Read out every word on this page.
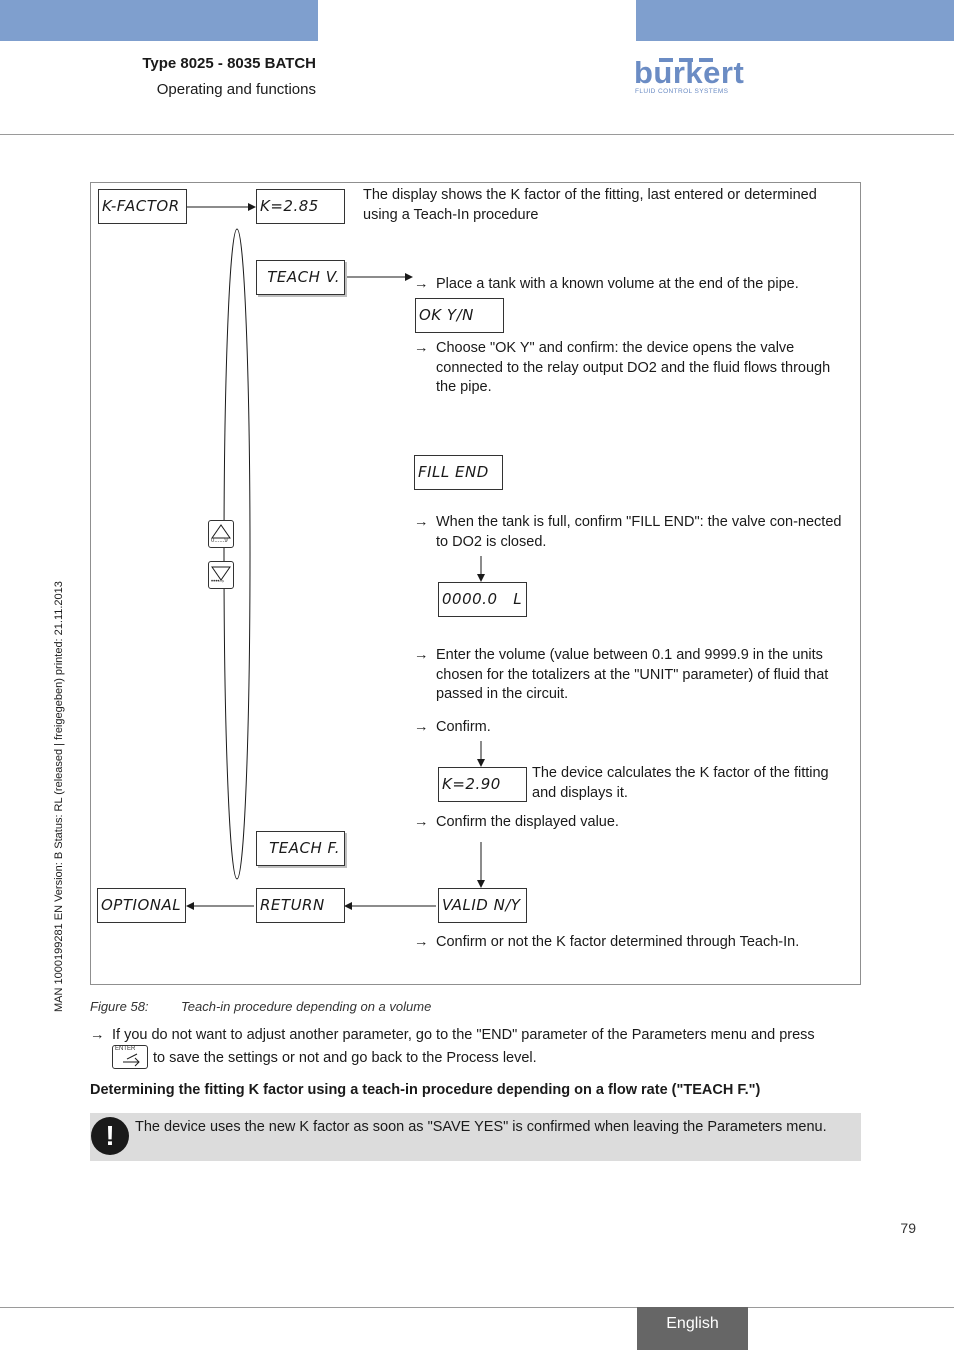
Type 8025 - 8035 BATCH
Operating and functions	burkert
FLUID CONTROL SYSTEMS
MAN 1000199281 EN Version: B Status: RL (released | freigegeben) printed: 21.11.2013
K-FACTOR	K=2.85
TEACH V.
OK Y/N
FILL END
0000.0   L
K=2.90
TEACH F.
OPTIONAL	RETURN	VALID N/Y
0......9
••••⇨
The display shows the K factor of the fitting, last entered or determined using a Teach-In procedure
→ Place a tank with a known volume at the end of the pipe.
→ Choose "OK Y" and confirm: the device opens the valve connected to the relay output DO2 and the fluid flows through the pipe.
→ When the tank is full, confirm "FILL END": the valve con-nected to DO2 is closed.
→ Enter the volume (value between 0.1 and 9999.9 in the units chosen for the totalizers at the "UNIT" parameter) of fluid that passed in the circuit.
→ Confirm.
The device calculates the K factor of the fitting and displays it.
→ Confirm the displayed value.
→ Confirm or not the K factor determined through Teach-In.
Figure 58: Teach-in procedure depending on a volume
→ If you do not want to adjust another parameter, go to the "END" parameter of the Parameters menu and press
ENTER
to save the settings or not and go back to the Process level.
Determining the fitting K factor using a teach-in procedure depending on a flow rate ("TEACH F.")
!	The device uses the new K factor as soon as "SAVE YES" is confirmed when leaving the Parameters menu.
79
English
